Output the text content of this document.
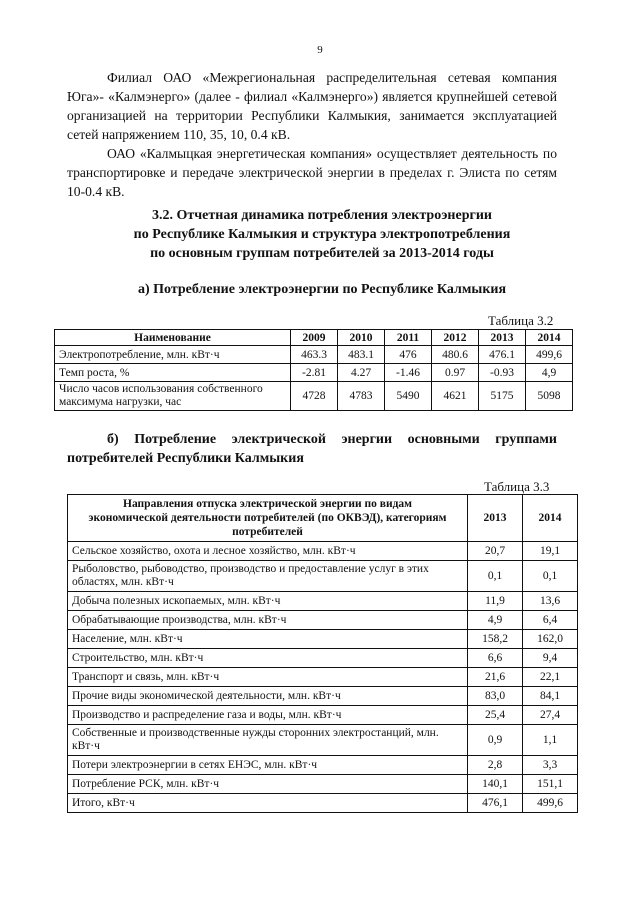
9
Филиал ОАО «Межрегиональная распределительная сетевая компания Юга»- «Калмэнерго» (далее - филиал «Калмэнерго») является крупнейшей сетевой организацией на территории Республики Калмыкия, занимается эксплуатацией сетей напряжением 110, 35, 10, 0.4 кВ.
ОАО «Калмыцкая энергетическая компания» осуществляет деятельность по транспортировке и передаче электрической энергии в пределах г. Элиста по сетям 10-0.4 кВ.
3.2. Отчетная динамика потребления электроэнергии
по Республике Калмыкия и структура электропотребления
по основным группам потребителей за 2013-2014 годы
а) Потребление электроэнергии по Республике Калмыкия
Таблица 3.2
Наименование	2009	2010	2011	2012	2013	2014
Электропотребление, млн. кВт·ч	463.3	483.1	476	480.6	476.1	499,6
Темп роста, %	-2.81	4.27	-1.46	0.97	-0.93	4,9
Число часов использования собственного максимума нагрузки, час	4728	4783	5490	4621	5175	5098
б) Потребление электрической энергии основными группами потребителей Республики Калмыкия
Таблица 3.3
Направления отпуска электрической энергии по видам экономической деятельности потребителей (по ОКВЭД), категориям потребителей	2013	2014
Сельское хозяйство, охота и лесное хозяйство, млн. кВт·ч	20,7	19,1
Рыболовство, рыбоводство, производство и предоставление услуг в этих областях, млн. кВт·ч	0,1	0,1
Добыча полезных ископаемых, млн. кВт·ч	11,9	13,6
Обрабатывающие производства, млн. кВт·ч	4,9	6,4
Население, млн. кВт·ч	158,2	162,0
Строительство, млн. кВт·ч	6,6	9,4
Транспорт и связь, млн. кВт·ч	21,6	22,1
Прочие виды экономической деятельности, млн. кВт·ч	83,0	84,1
Производство и распределение газа и воды, млн. кВт·ч	25,4	27,4
Собственные и производственные нужды сторонних электростанций, млн. кВт·ч	0,9	1,1
Потери электроэнергии в сетях ЕНЭС, млн. кВт·ч	2,8	3,3
Потребление РСК, млн. кВт·ч	140,1	151,1
Итого, кВт·ч	476,1	499,6
